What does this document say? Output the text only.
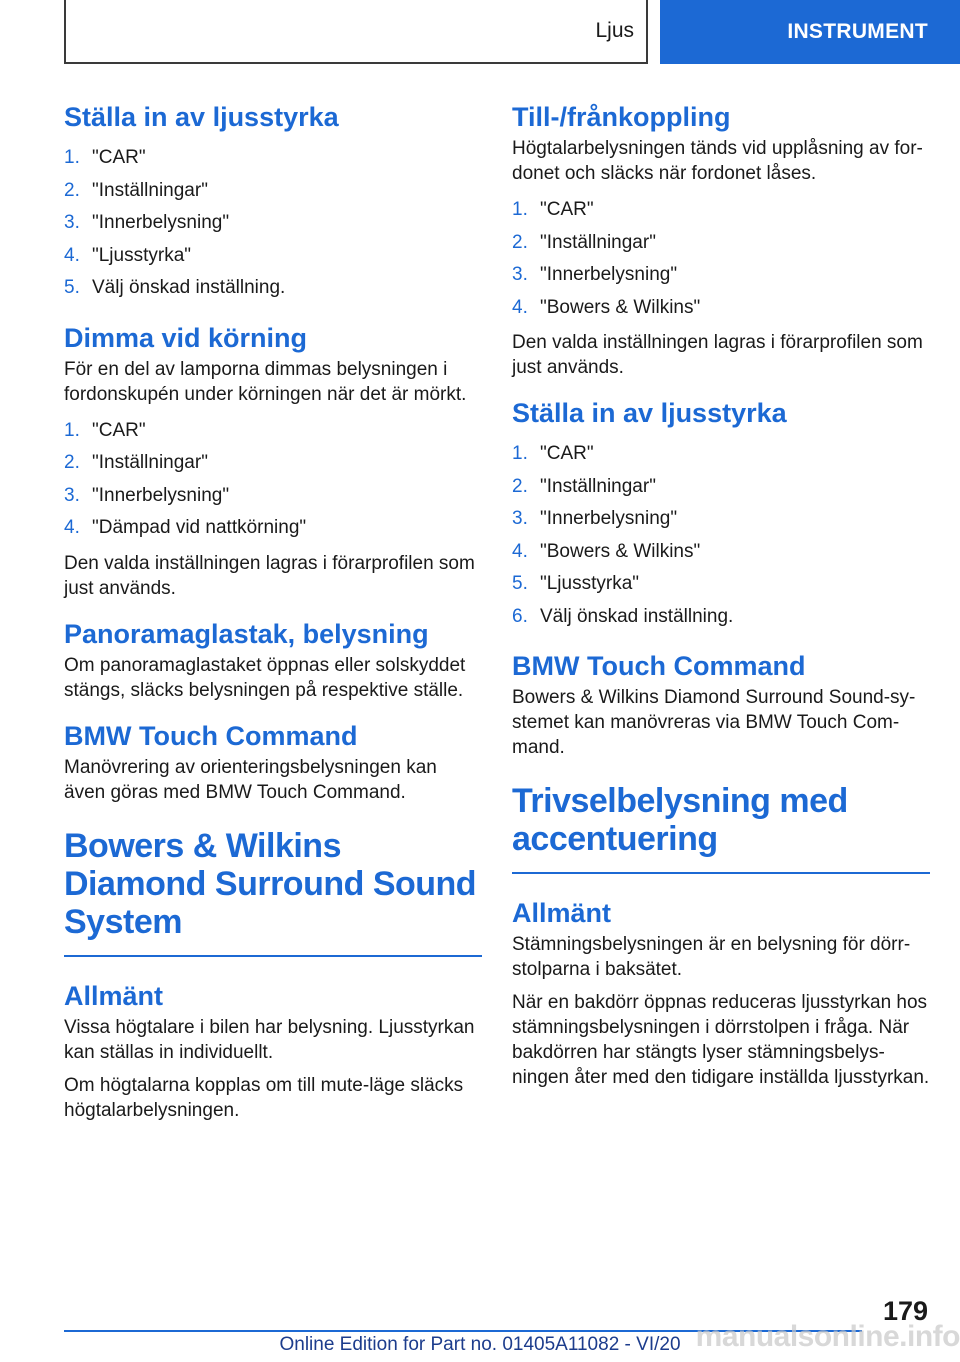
Ljus	INSTRUMENT
Ställa in av ljusstyrka
1. "CAR"
2. "Inställningar"
3. "Innerbelysning"
4. "Ljusstyrka"
5. Välj önskad inställning.
Dimma vid körning

För en del av lamporna dimmas belysningen i fordonskupén under körningen när det är mörkt.

1. "CAR"
2. "Inställningar"
3. "Innerbelysning"
4. "Dämpad vid nattkörning"

Den valda inställningen lagras i förarprofilen som just används.

Panoramaglastak, belysning

Om panoramaglastaket öppnas eller solskyddet stängs, släcks belysningen på respektive ställe.

BMW Touch Command

Manövrering av orienteringsbelysningen kan även göras med BMW Touch Command.

Bowers & Wilkins Diamond Surround Sound System
Allmänt

Vissa högtalare i bilen har belysning. Ljusstyrkan kan ställas in individuellt.

Om högtalarna kopplas om till mute-läge släcks högtalarbelysningen.

Till-/frånkoppling

Högtalarbelysningen tänds vid upplåsning av for-donet och släcks när fordonet låses.

1. "CAR"
2. "Inställningar"
3. "Innerbelysning"
4. "Bowers & Wilkins"

Den valda inställningen lagras i förarprofilen som just används.

Ställa in av ljusstyrka
1. "CAR"
2. "Inställningar"
3. "Innerbelysning"
4. "Bowers & Wilkins"
5. "Ljusstyrka"
6. Välj önskad inställning.
BMW Touch Command

Bowers & Wilkins Diamond Surround Sound-sy-stemet kan manövreras via BMW Touch Com-mand.

Trivselbelysning med accentuering
Allmänt

Stämningsbelysningen är en belysning för dörr-stolparna i baksätet.

När en bakdörr öppnas reduceras ljusstyrkan hos stämningsbelysningen i dörrstolpen i fråga. När bakdörren har stängts lyser stämningsbelys-ningen åter med den tidigare inställda ljusstyrkan.

179
Online Edition for Part no. 01405A11082 - VI/20 manualsonline.info
